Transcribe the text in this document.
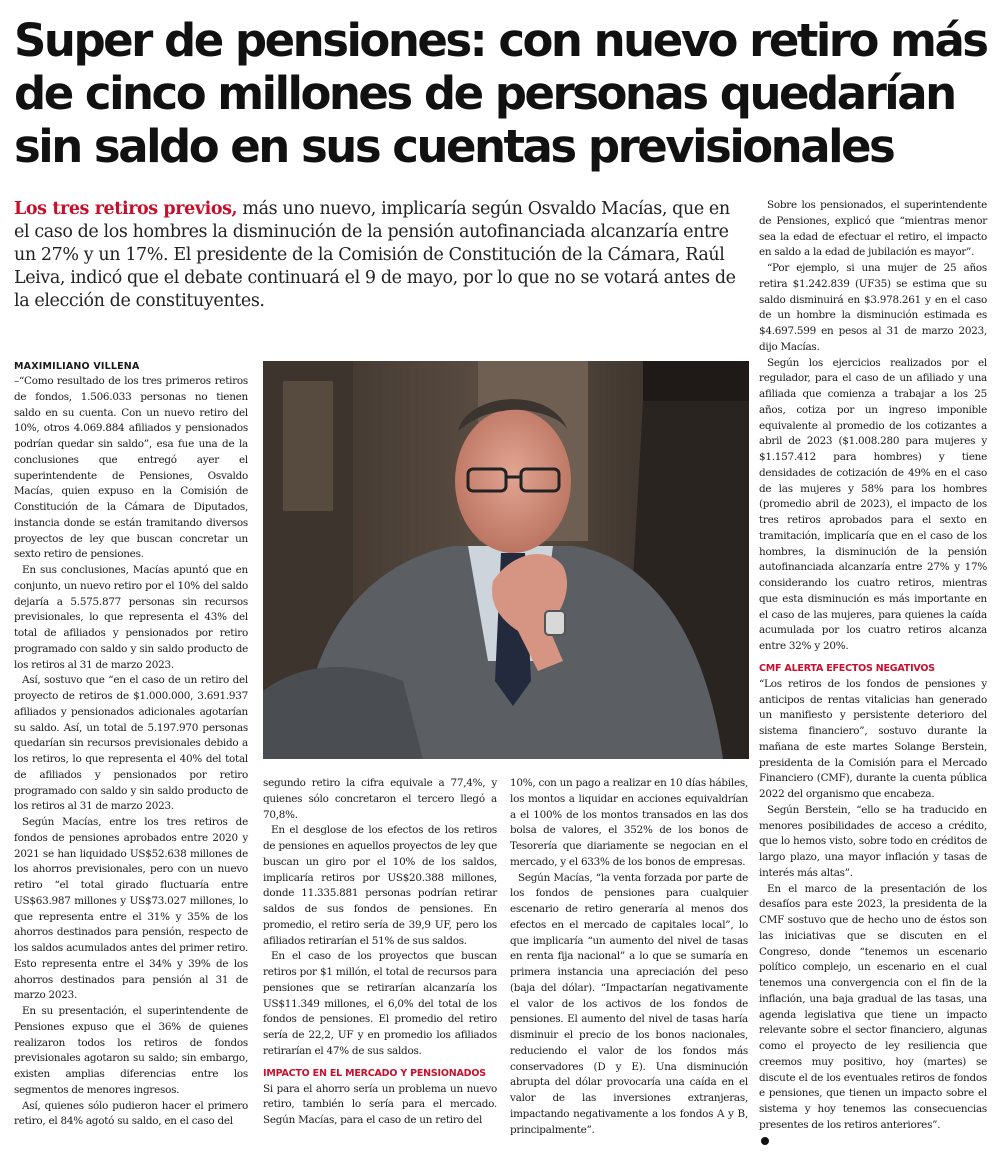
Super de pensiones: con nuevo retiro más de cinco millones de personas quedarían sin saldo en sus cuentas previsionales

Los tres retiros previos, más uno nuevo, implicaría según Osvaldo Macías, que en el caso de los hombres la disminución de la pensión autofinanciada alcanzaría entre un 27% y un 17%. El presidente de la Comisión de Constitución de la Cámara, Raúl Leiva, indicó que el debate continuará el 9 de mayo, por lo que no se votará antes de la elección de constituyentes.

MAXIMILIANO VILLENA

–“Como resultado de los tres primeros retiros de fondos, 1.506.033 personas no tienen saldo en su cuenta. Con un nuevo retiro del 10%, otros 4.069.884 afiliados y pensionados podrían quedar sin saldo”, esa fue una de la conclusiones que entregó ayer el superintendente de Pensiones, Osvaldo Macías, quien expuso en la Comisión de Constitución de la Cámara de Diputados, instancia donde se están tramitando diversos proyectos de ley que buscan concretar un sexto retiro de pensiones.

En sus conclusiones, Macías apuntó que en conjunto, un nuevo retiro por el 10% del saldo dejaría a 5.575.877 personas sin recursos previsionales, lo que representa el 43% del total de afiliados y pensionados por retiro programado con saldo y sin saldo producto de los retiros al 31 de marzo 2023.

Así, sostuvo que “en el caso de un retiro del proyecto de retiros de $1.000.000, 3.691.937 afiliados y pensionados adicionales agotarían su saldo. Así, un total de 5.197.970 personas quedarían sin recursos previsionales debido a los retiros, lo que representa el 40% del total de afiliados y pensionados por retiro programado con saldo y sin saldo producto de los retiros al 31 de marzo 2023.

Según Macías, entre los tres retiros de fondos de pensiones aprobados entre 2020 y 2021 se han liquidado US$52.638 millones de los ahorros previsionales, pero con un nuevo retiro “el total girado fluctuaría entre US$63.987 millones y US$73.027 millones, lo que representa entre el 31% y 35% de los ahorros destinados para pensión, respecto de los saldos acumulados antes del primer retiro. Esto representa entre el 34% y 39% de los ahorros destinados para pensión al 31 de marzo 2023.

En su presentación, el superintendente de Pensiones expuso que el 36% de quienes realizaron todos los retiros de fondos previsionales agotaron su saldo; sin embargo, existen amplias diferencias entre los segmentos de menores ingresos.

Así, quienes sólo pudieron hacer el primero retiro, el 84% agotó su saldo, en el caso del

segundo retiro la cifra equivale a 77,4%, y quienes sólo concretaron el tercero llegó a 70,8%.

En el desglose de los efectos de los retiros de pensiones en aquellos proyectos de ley que buscan un giro por el 10% de los saldos, implicaría retiros por US$20.388 millones, donde 11.335.881 personas podrían retirar saldos de sus fondos de pensiones. En promedio, el retiro sería de 39,9 UF, pero los afiliados retirarían el 51% de sus saldos.

En el caso de los proyectos que buscan retiros por $1 millón, el total de recursos para pensiones que se retirarían alcanzaría los US$11.349 millones, el 6,0% del total de los fondos de pensiones. El promedio del retiro sería de 22,2, UF y en promedio los afiliados retirarían el 47% de sus saldos.

IMPACTO EN EL MERCADO Y PENSIONADOS

Si para el ahorro sería un problema un nuevo retiro, también lo sería para el mercado. Según Macías, para el caso de un retiro del

10%, con un pago a realizar en 10 días hábiles, los montos a liquidar en acciones equivaldrían a el 100% de los montos transados en las dos bolsa de valores, el 352% de los bonos de Tesorería que diariamente se negocian en el mercado, y el 633% de los bonos de empresas.

Según Macías, “la venta forzada por parte de los fondos de pensiones para cualquier escenario de retiro generaría al menos dos efectos en el mercado de capitales local”, lo que implicaría “un aumento del nivel de tasas en renta fija nacional” a lo que se sumaría en primera instancia una apreciación del peso (baja del dólar). “Impactarían negativamente el valor de los activos de los fondos de pensiones. El aumento del nivel de tasas haría disminuir el precio de los bonos nacionales, reduciendo el valor de los fondos más conservadores (D y E). Una disminución abrupta del dólar provocaría una caída en el valor de las inversiones extranjeras, impactando negativamente a los fondos A y B, principalmente”.

Sobre los pensionados, el superintendente de Pensiones, explicó que “mientras menor sea la edad de efectuar el retiro, el impacto en saldo a la edad de jubilación es mayor”.

“Por ejemplo, si una mujer de 25 años retira $1.242.839 (UF35) se estima que su saldo disminuirá en $3.978.261 y en el caso de un hombre la disminución estimada es $4.697.599 en pesos al 31 de marzo 2023, dijo Macías.

Según los ejercicios realizados por el regulador, para el caso de un afiliado y una afiliada que comienza a trabajar a los 25 años, cotiza por un ingreso imponible equivalente al promedio de los cotizantes a abril de 2023 ($1.008.280 para mujeres y $1.157.412 para hombres) y tiene densidades de cotización de 49% en el caso de las mujeres y 58% para los hombres (promedio abril de 2023), el impacto de los tres retiros aprobados para el sexto en tramitación, implicaría que en el caso de los hombres, la disminución de la pensión autofinanciada alcanzaría entre 27% y 17% considerando los cuatro retiros, mientras que esta disminución es más importante en el caso de las mujeres, para quienes la caída acumulada por los cuatro retiros alcanza entre 32% y 20%.

CMF ALERTA EFECTOS NEGATIVOS

“Los retiros de los fondos de pensiones y anticipos de rentas vitalicias han generado un manifiesto y persistente deterioro del sistema financiero”, sostuvo durante la mañana de este martes Solange Berstein, presidenta de la Comisión para el Mercado Financiero (CMF), durante la cuenta pública 2022 del organismo que encabeza.

Según Berstein, “ello se ha traducido en menores posibilidades de acceso a crédito, que lo hemos visto, sobre todo en créditos de largo plazo, una mayor inflación y tasas de interés más altas”.

En el marco de la presentación de los desafíos para este 2023, la presidenta de la CMF sostuvo que de hecho uno de éstos son las iniciativas que se discuten en el Congreso, donde “tenemos un escenario político complejo, un escenario en el cual tenemos una convergencia con el fin de la inflación, una baja gradual de las tasas, una agenda legislativa que tiene un impacto relevante sobre el sector financiero, algunas como el proyecto de ley resiliencia que creemos muy positivo, hoy (martes) se discute el de los eventuales retiros de fondos e pensiones, que tienen un impacto sobre el sistema y hoy tenemos las consecuencias presentes de los retiros anteriores”.
